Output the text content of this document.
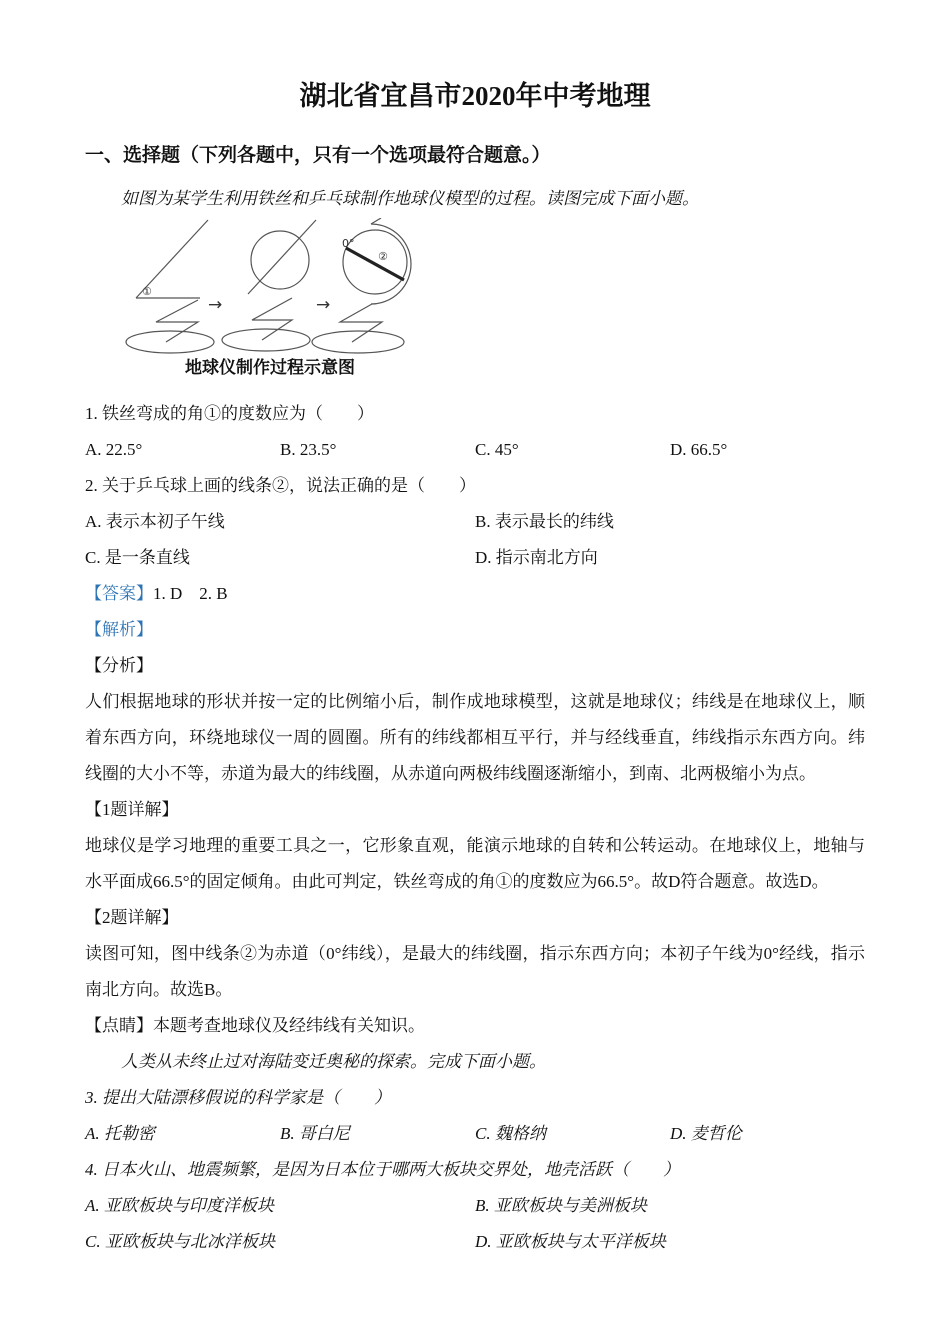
湖北省宜昌市2020年中考地理
一、选择题（下列各题中，只有一个选项最符合题意。）

如图为某学生利用铁丝和乒乓球制作地球仪模型的过程。读图完成下面小题。

①
→	→
0°
②
地球仪制作过程示意图

1. 铁丝弯成的角①的度数应为（　　）

A. 22.5°	B. 23.5°	C. 45°	D. 66.5°

2. 关于乒乓球上画的线条②，说法正确的是（　　）

A. 表示本初子午线	B. 表示最长的纬线
C. 是一条直线	D. 指示南北方向

【答案】1. D    2. B

【解析】

【分析】

人们根据地球的形状并按一定的比例缩小后，制作成地球模型，这就是地球仪；纬线是在地球仪上，顺着东西方向，环绕地球仪一周的圆圈。所有的纬线都相互平行，并与经线垂直，纬线指示东西方向。纬线圈的大小不等，赤道为最大的纬线圈，从赤道向两极纬线圈逐渐缩小，到南、北两极缩小为点。

【1题详解】

地球仪是学习地理的重要工具之一，它形象直观，能演示地球的自转和公转运动。在地球仪上，地轴与水平面成66.5°的固定倾角。由此可判定，铁丝弯成的角①的度数应为66.5°。故D符合题意。故选D。

【2题详解】

读图可知，图中线条②为赤道（0°纬线），是最大的纬线圈，指示东西方向；本初子午线为0°经线，指示南北方向。故选B。

【点睛】本题考查地球仪及经纬线有关知识。

人类从未终止过对海陆变迁奥秘的探索。完成下面小题。

3. 提出大陆漂移假说的科学家是（　　）

A. 托勒密	B. 哥白尼	C. 魏格纳	D. 麦哲伦

4. 日本火山、地震频繁，是因为日本位于哪两大板块交界处，地壳活跃（　　）

A. 亚欧板块与印度洋板块	B. 亚欧板块与美洲板块
C. 亚欧板块与北冰洋板块	D. 亚欧板块与太平洋板块
